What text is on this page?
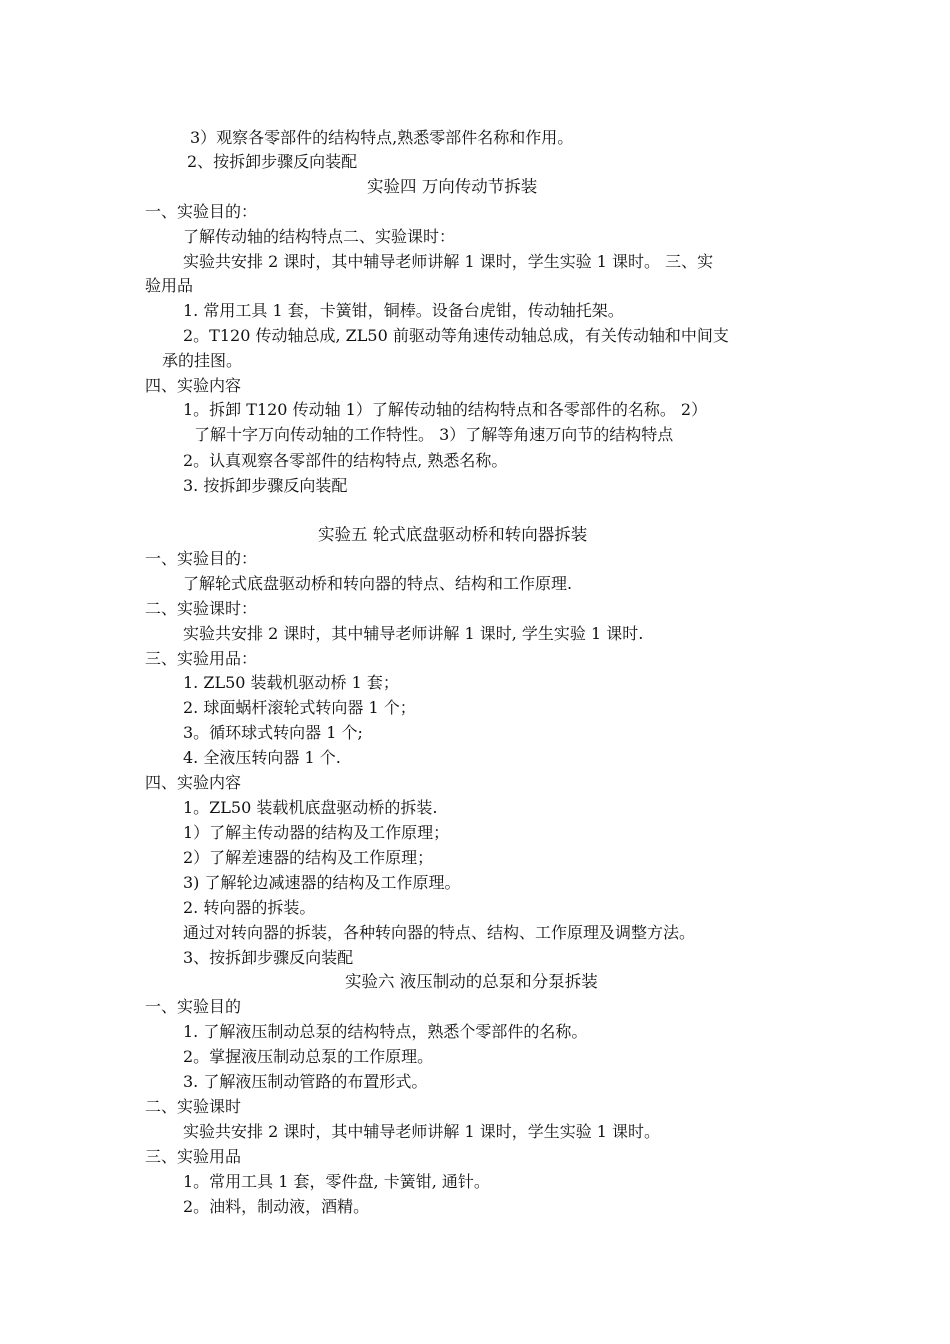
3）观察各零部件的结构特点,熟悉零部件名称和作用。
2、按拆卸步骤反向装配
实验四 万向传动节拆装
一、实验目的：
了解传动轴的结构特点二、实验课时：
实验共安排 2 课时，其中辅导老师讲解 1 课时，学生实验 1 课时。 三、实
验用品
1. 常用工具 1 套，卡簧钳，铜棒。设备台虎钳，传动轴托架。
2。T120 传动轴总成, ZL50 前驱动等角速传动轴总成，有关传动轴和中间支
承的挂图。
四、实验内容
1。拆卸 T120 传动轴 1）了解传动轴的结构特点和各零部件的名称。 2）
了解十字万向传动轴的工作特性。 3）了解等角速万向节的结构特点
2。认真观察各零部件的结构特点, 熟悉名称。
3. 按拆卸步骤反向装配
实验五 轮式底盘驱动桥和转向器拆装
一、实验目的：
了解轮式底盘驱动桥和转向器的特点、结构和工作原理.
二、实验课时：
实验共安排 2 课时，其中辅导老师讲解 1 课时, 学生实验 1 课时.
三、实验用品：
1. ZL50 装载机驱动桥 1 套；
2. 球面蜗杆滚轮式转向器 1 个；
3。循环球式转向器 1 个;
4. 全液压转向器 1 个.
四、实验内容
1。ZL50 装载机底盘驱动桥的拆装.
1）了解主传动器的结构及工作原理；
2）了解差速器的结构及工作原理；
3) 了解轮边减速器的结构及工作原理。
2. 转向器的拆装。
通过对转向器的拆装，各种转向器的特点、结构、工作原理及调整方法。
3、按拆卸步骤反向装配
实验六 液压制动的总泵和分泵拆装
一、实验目的
1. 了解液压制动总泵的结构特点，熟悉个零部件的名称。
2。掌握液压制动总泵的工作原理。
3. 了解液压制动管路的布置形式。
二、实验课时
实验共安排 2 课时，其中辅导老师讲解 1 课时，学生实验 1 课时。
三、实验用品
1。常用工具 1 套，零件盘, 卡簧钳, 通针。
2。油料，制动液，酒精。
